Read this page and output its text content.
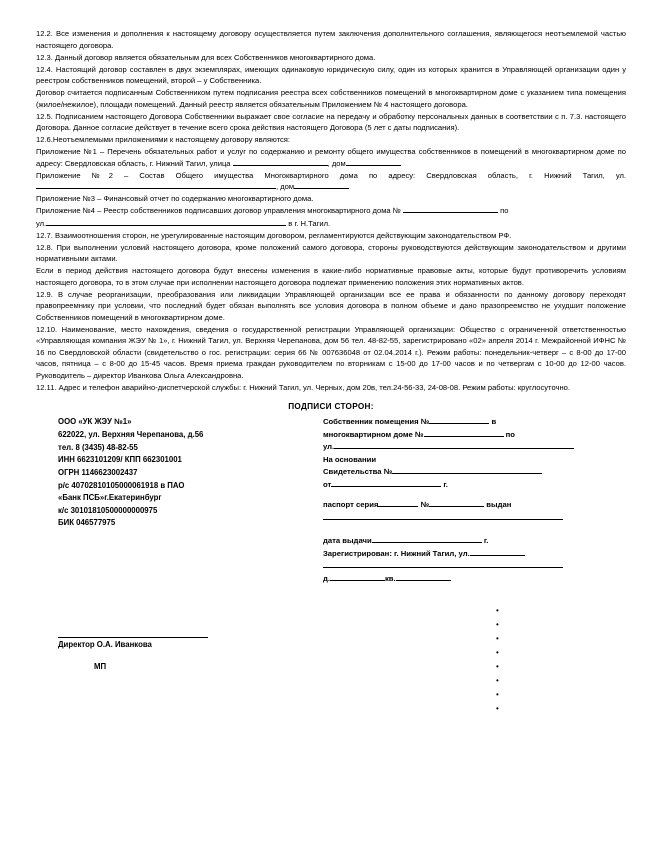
12.2. Все изменения и дополнения к настоящему договору осуществляется путем заключения дополнительного соглашения, являющегося неотъемлемой частью настоящего договора.

12.3. Данный договор является обязательным для всех Собственников многоквартирного дома.

12.4. Настоящий договор составлен в двух экземплярах, имеющих одинаковую юридическую силу, один из которых хранится в Управляющей организации один у реестром собственников помещений, второй – у Собственника.

Договор считается подписанным Собственником путем подписания реестра всех собственников помещений в многоквартирном доме с указанием типа помещения (жилое/нежилое), площади помещений. Данный реестр является обязательным Приложением № 4 настоящего договора.

12.5. Подписанием настоящего Договора Собственники выражает свое согласие на передачу и обработку персональных данных в соответствии с п. 7.3. настоящего Договора. Данное согласие действует в течение всего срока действия настоящего Договора (5 лет с даты подписания).

12.6.Неотъемлемыми приложениями к настоящему договору являются:

Приложение №1 – Перечень обязательных работ и услуг по содержанию и ремонту общего имущества собственников в помещений в многоквартирном доме по адресу: Свердловская область, г. Нижний Тагил, улица	, дом

Приложение №2 – Состав Общего имущества Многоквартирного дома по адресу: Свердловская область, г. Нижний Тагил, ул. , дом

Приложение №3 – Финансовый отчет по содержанию многоквартирного дома.

Приложение №4 – Реестр собственников подписавших договор управления многоквартирного дома №	по

ул.	в г. Н.Тагил.

12.7. Взаимоотношения сторон, не урегулированные настоящим договором, регламентируются действующим законодательством РФ.

12.8. При выполнении условий настоящего договора, кроме положений самого договора, стороны руководствуются действующим законодательством и другими нормативными актами.

Если в период действия настоящего договора будут внесены изменения в какие-либо нормативные правовые акты, которые будут противоречить условиям настоящего договора, то в этом случае при исполнении настоящего договора подлежат применению положения этих нормативных актов.

12.9. В случае реорганизации, преобразования или ликвидации Управляющей организации все ее права и обязанности по данному договору переходят правопреемнику при условии, что последний будет обязан выполнять все условия договора в полном объеме и дано празопреемство не ухудшит положение Собственников помещений в многоквартирном доме.

12.10. Наименование, место нахождения, сведения о государственной регистрации Управляющей организации: Общество с ограниченной ответственностью «Управляющая компания ЖЭУ № 1», г. Нижний Тагил, ул. Верхняя Черепанова, дом 56 тел. 48-82-55, зарегистрировано «02» апреля 2014 г. Межрайонной ИФНС № 16 по Свердловской области (свидетельство о гос. регистрации: серия 66 № 007636048 от 02.04.2014 г.). Режим работы: понедельник-четверг – с 8-00 до 17-00 часов, пятница – с 8-00 до 15-45 часов. Время приема граждан руководителем по вторникам с 15-00 до 17-00 часов и по четвергам с 10-00 до 12-00 часов. Руководитель – директор Иванкова Ольга Александровна.

12.11. Адрес и телефон аварийно-диспетчерской службы: г. Нижний Тагил, ул. Черных, дом 20в, тел.24-56-33, 24-08-08. Режим работы: круглосуточно.

ПОДПИСИ СТОРОН:
ООО «УК ЖЭУ №1»
622022, ул. Верхняя Черепанова, д.56
тел. 8 (3435) 48-82-55
ИНН 6623101209/ КПП 662301001
ОГРН 1146623002437
р/с 40702810105000061918 в ПАО
«Банк ПСБ»г.Екатеринбург
к/с 30101810500000000975
БИК 046577975
Собственник помещения №	в
многоквартирном доме №	по
ул.
На основании
Свидетельства №
от	г.
паспорт серия	№	выдан
дата выдачи	г.
Зарегистрирован: г. Нижний Тагил, ул.
д.	кв.
•
•
•
•
•
•
•
•
Директор О.А. Иванкова
МП
